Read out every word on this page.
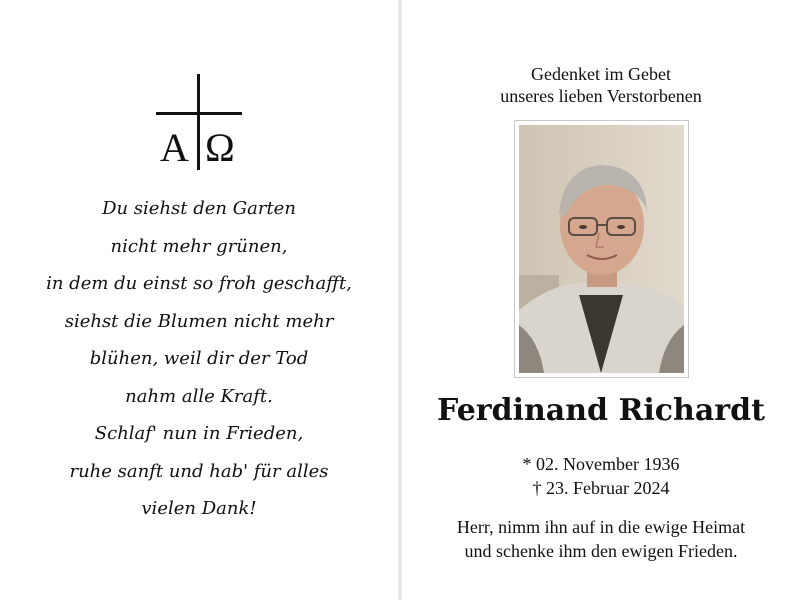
A Ω
Du siehst den Garten
nicht mehr grünen,
in dem du einst so froh geschafft,
siehst die Blumen nicht mehr
blühen, weil dir der Tod
nahm alle Kraft.
Schlaf' nun in Frieden,
ruhe sanft und hab' für alles
vielen Dank!
Gedenket im Gebet
unseres lieben Verstorbenen
Ferdinand Richardt
* 02. November 1936
† 23. Februar 2024
Herr, nimm ihn auf in die ewige Heimat
und schenke ihm den ewigen Frieden.
